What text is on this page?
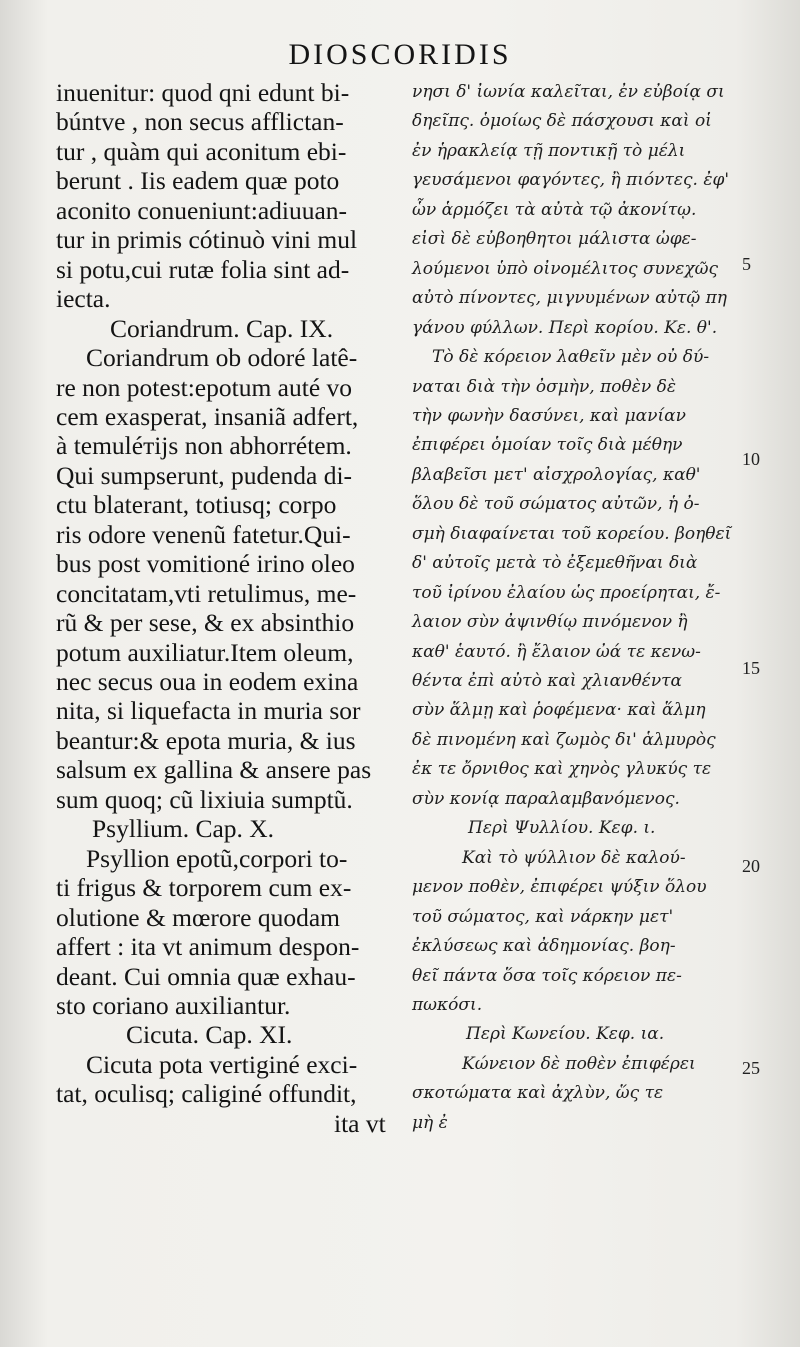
DIOSCORIDIS
inuenitur: quod qni edunt bi-
búntve , non secus afflictan-
tur , quàm qui aconitum ebi-
berunt . Iis eadem quæ poto
aconito conueniunt:adiuuan-
tur in primis cótinuò vini mul
si potu,cui rutæ folia sint ad-
iecta.
Coriandrum. Cap. IX.
Coriandrum ob odoré latê-
re non potest:epotum auté vo
cem exasperat, insaniã adfert,
à temuléтijs non abhorrétem.
Qui sumpserunt, pudenda di-
ctu blaterant, totiusq; corpo
ris odore venenũ fatetur.Qui-
bus post vomitioné irino oleo
concitatam,vti retulimus, me-
rũ & per sese, & ex absinthio
potum auxiliatur.Item oleum,
nec secus oua in eodem exina
nita, si liquefacta in muria sor
beantur:& epota muria, & ius
salsum ex gallina & ansere pas
sum quoq; cũ lixiuia sumptũ.
Psyllium. Cap. X.
Psyllion epotũ,corpori to-
ti frigus & torporem cum ex-
olutione & mœrore quodam
affert : ita vt animum despon-
deant. Cui omnia quæ exhau-
sto coriano auxiliantur.
Cicuta. Cap. XI.
Cicuta pota vertiginé exci-
tat, oculisq; caliginé offundit,
ita vt
νησι δ' ἰωνία καλεῖται, ἐν εὐβοίᾳ σι
δηεῖπς. ὁμοίως δὲ πάσχουσι καὶ οἱ
ἐν ἡρακλείᾳ τῇ ποντικῇ τὸ μέλι
γευσάμενοι φαγόντες, ἢ πιόντες. ἐφ'
ὧν ἁρμόζει τὰ αὐτὰ τῷ ἀκονίτῳ.
εἰσὶ δὲ εὐβοηθητοι μάλιστα ὠφε-
λούμενοι ὑπὸ οἰνομέλιτος συνεχῶς
αὐτὸ πίνοντες, μιγνυμένων αὐτῷ πη
γάνου φύλλων. Περὶ κορίου. Κε. θ'.
Τὸ δὲ κόρειον λαθεῖν μὲν οὐ δύ-
ναται διὰ τὴν ὀσμὴν, ποθὲν δὲ
τὴν φωνὴν δασύνει, καὶ μανίαν
ἐπιφέρει ὁμοίαν τοῖς διὰ μέθην
βλαβεῖσι μετ' αἰσχρολογίας, καθ'
ὅλου δὲ τοῦ σώματος αὐτῶν, ἡ ὀ-
σμὴ διαφαίνεται τοῦ κορείου. βοηθεῖ
δ' αὐτοῖς μετὰ τὸ ἐξεμεθῆναι διὰ
τοῦ ἰρίνου ἐλαίου ὡς προείρηται, ἔ-
λαιον σὺν ἀψινθίῳ πινόμενον ἢ
καθ' ἑαυτό. ἢ ἔλαιον ὠά τε κενω-
θέντα ἐπὶ αὐτὸ καὶ χλιανθέντα
σὺν ἅλμῃ καὶ ῥοφέμενα· καὶ ἅλμη
δὲ πινομένη καὶ ζωμὸς δι' ἁλμυρὸς
ἐκ τε ὄρνιθος καὶ χηνὸς γλυκύς τε
σὺν κονίᾳ παραλαμβανόμενος.
Περὶ Ψυλλίου. Κεφ. ι.
Καὶ τὸ ψύλλιον δὲ καλού-
μενον ποθὲν, ἐπιφέρει ψύξιν ὅλου
τοῦ σώματος, καὶ νάρκην μετ'
ἐκλύσεως καὶ ἀδημονίας. βοη-
θεῖ πάντα ὅσα τοῖς κόρειον πε-
πωκόσι.
Περὶ Κωνείου. Κεφ. ια.
Κώνειον δὲ ποθὲν ἐπιφέρει
σκοτώματα καὶ ἀχλὺν, ὥς τε
μὴ ἐ
5
10
15
20
25
